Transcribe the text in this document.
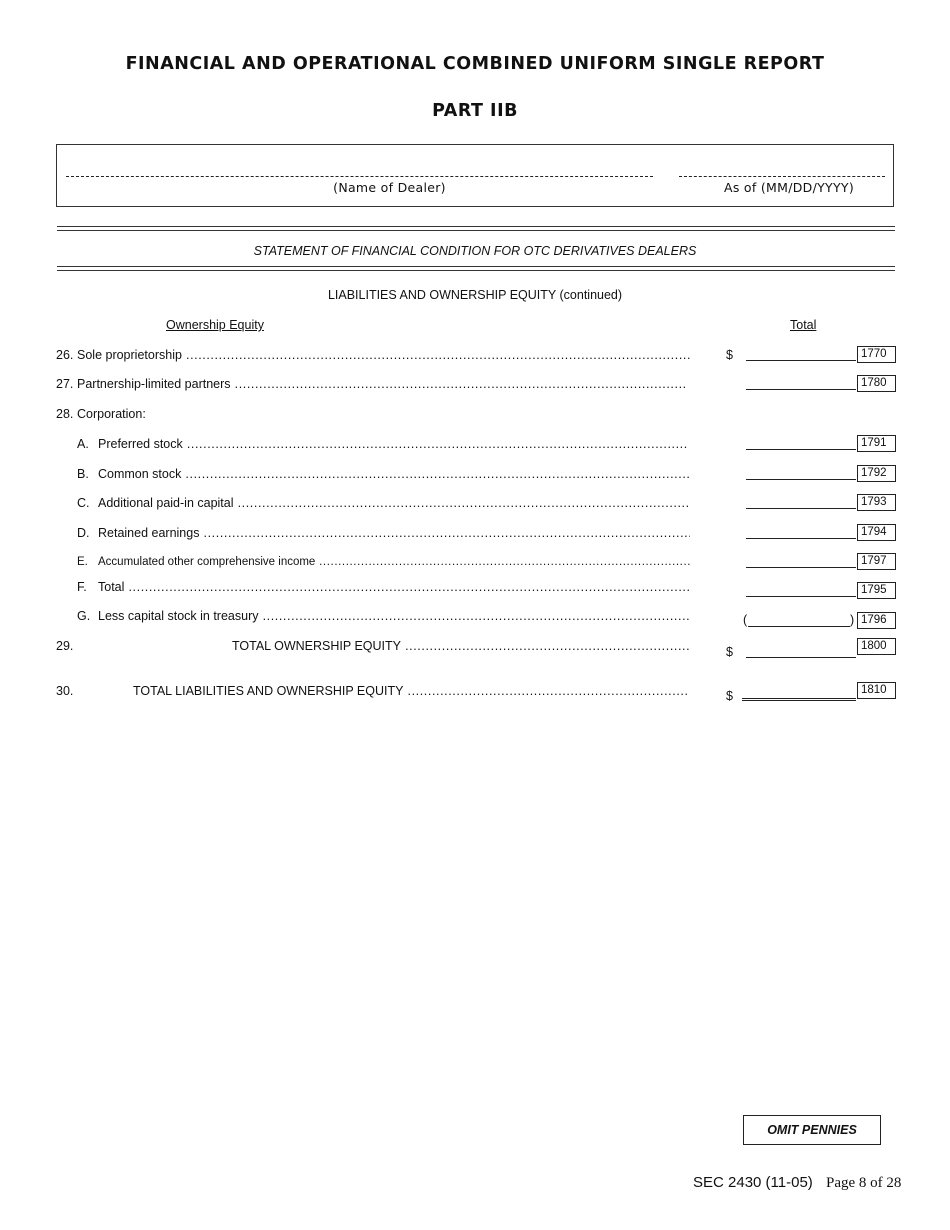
FINANCIAL AND OPERATIONAL COMBINED UNIFORM SINGLE REPORT
PART IIB
(Name of Dealer)	As of (MM/DD/YYYY)
STATEMENT OF FINANCIAL CONDITION FOR OTC DERIVATIVES DEALERS
LIABILITIES AND OWNERSHIP EQUITY (continued)
Ownership Equity	Total
26. Sole proprietorship .....	$	1770
27. Partnership-limited partners .....	1780
28. Corporation:
A. Preferred stock .....	1791
B. Common stock .....	1792
C. Additional paid-in capital .....	1793
D. Retained earnings .....	1794
E. Accumulated other comprehensive income .....	1797
F. Total .....	1795
G. Less capital stock in treasury .....	(	) 1796
29.	TOTAL OWNERSHIP EQUITY .....	$	1800
30.	TOTAL LIABILITIES AND OWNERSHIP EQUITY .....	$	1810
OMIT PENNIES
SEC 2430 (11-05) Page 8 of 28
